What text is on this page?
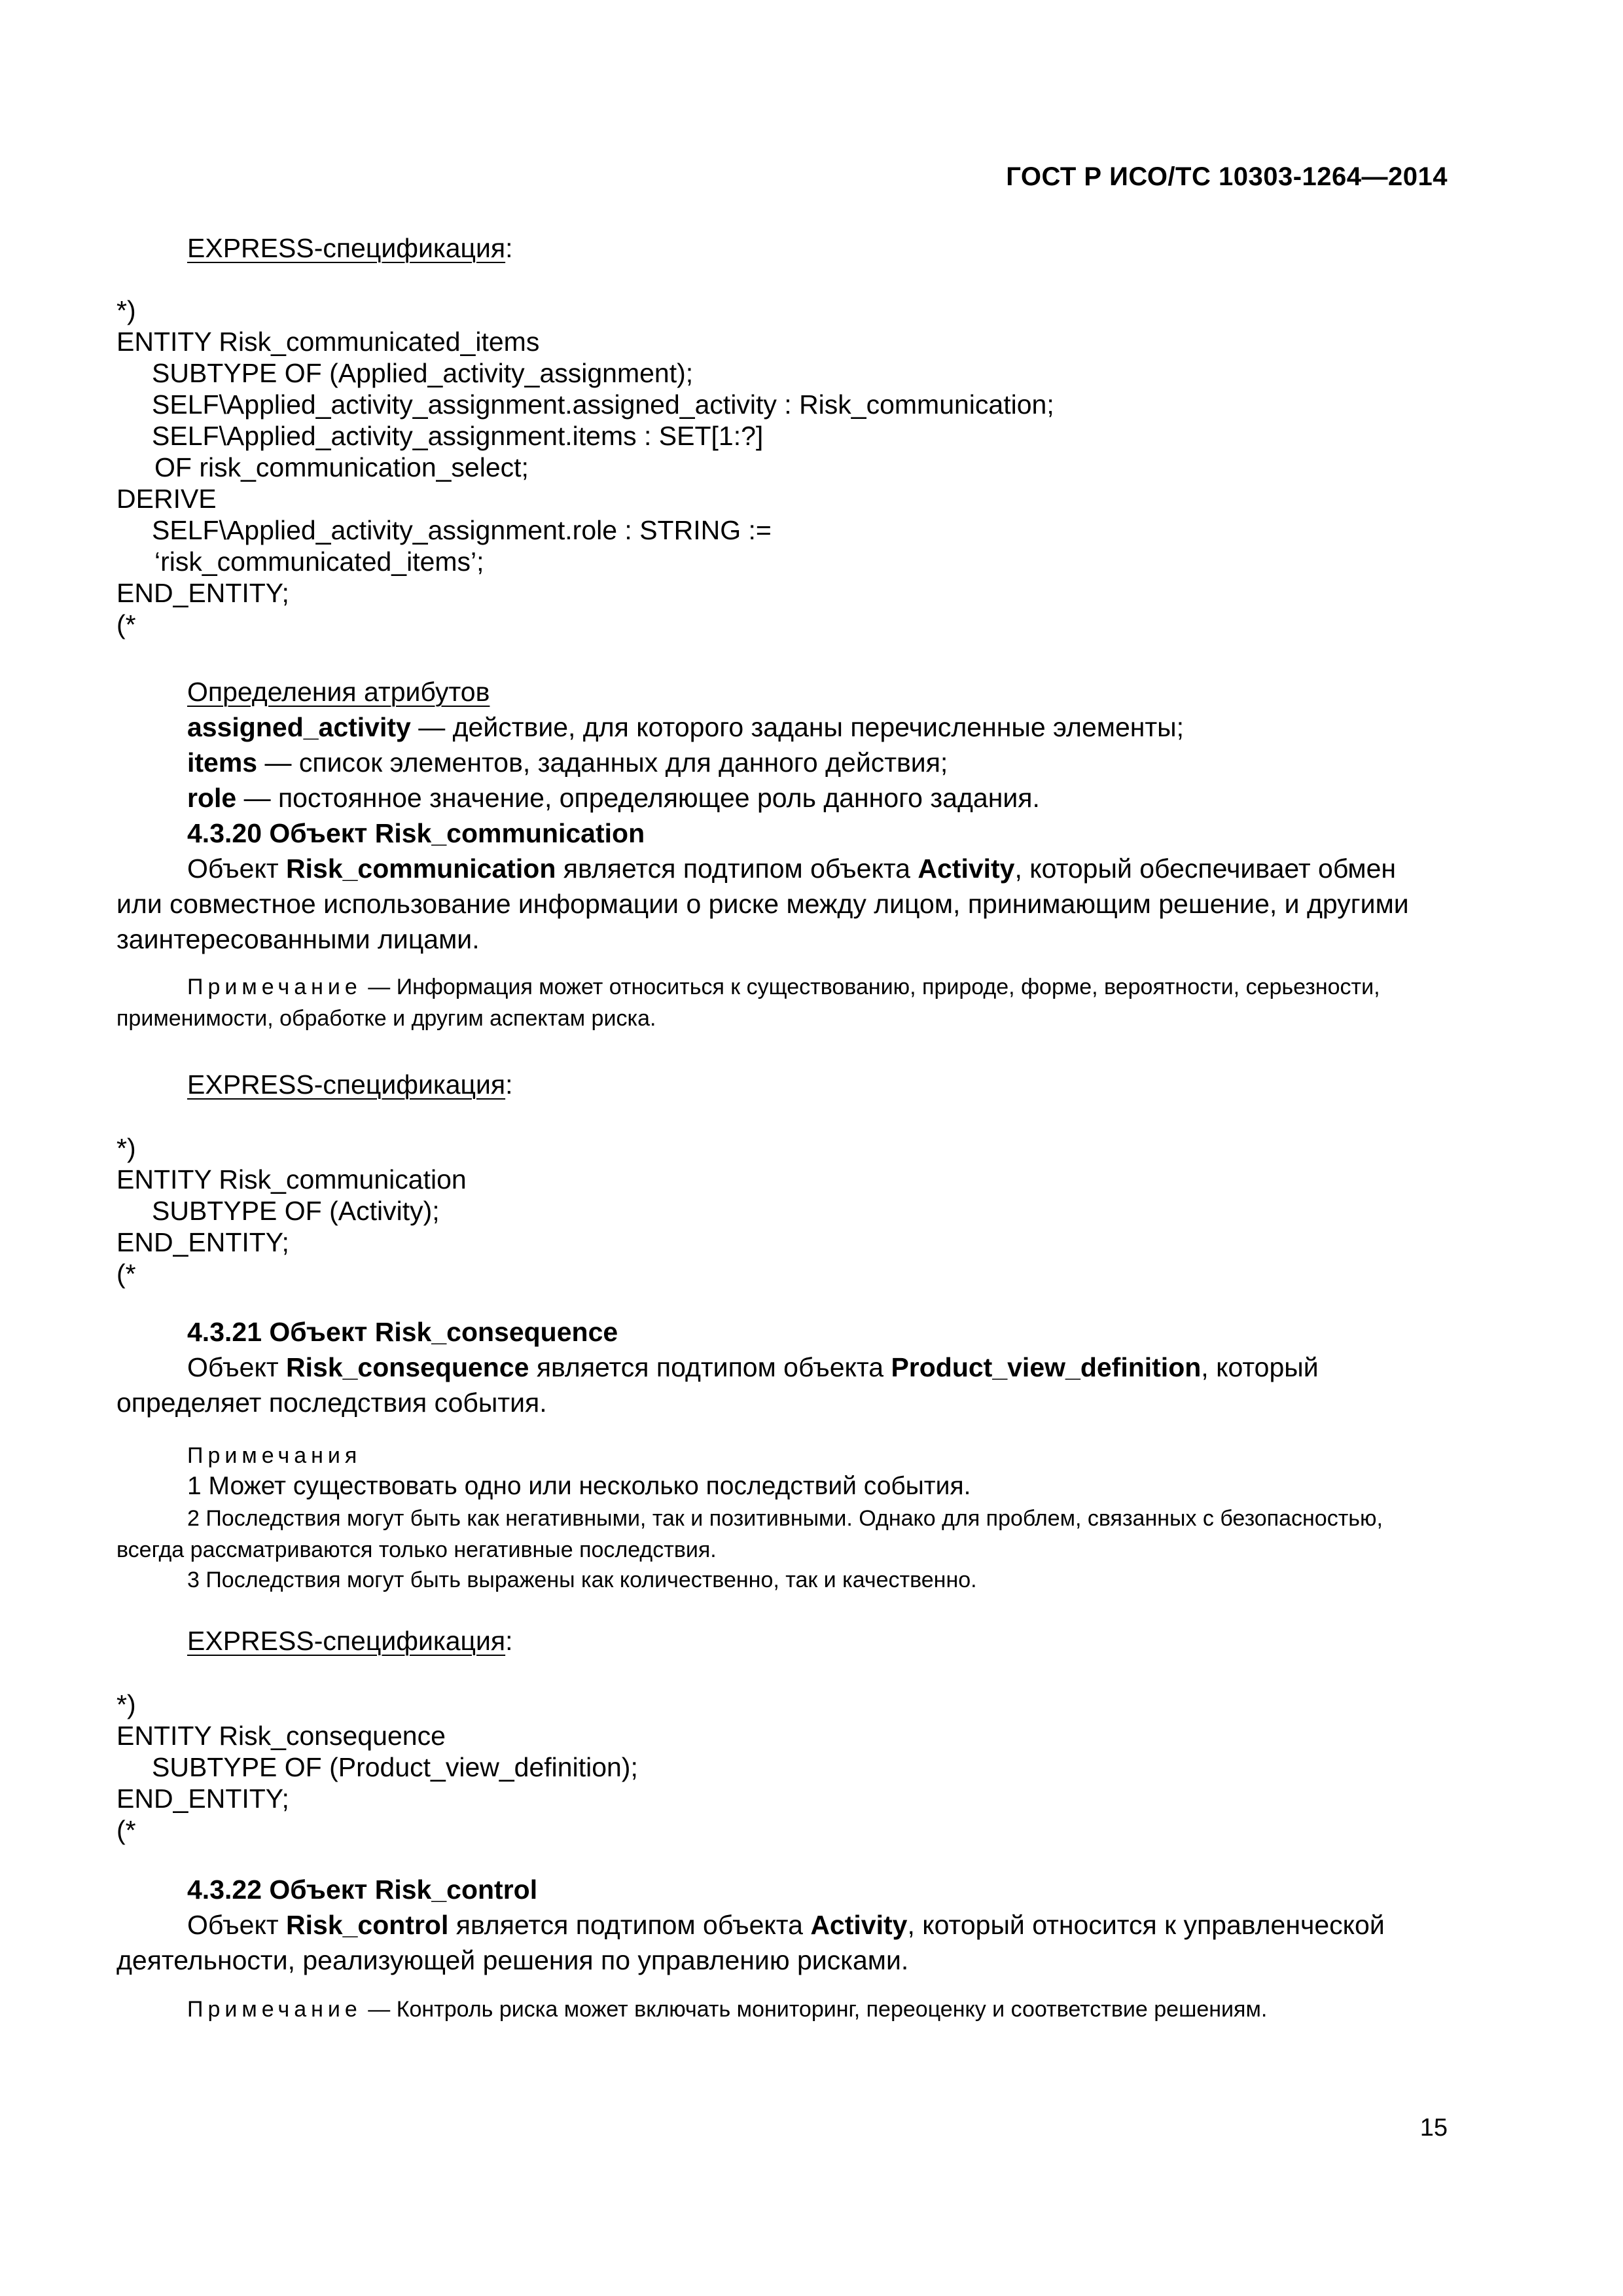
ГОСТ Р ИСО/ТС 10303-1264—2014
EXPRESS-спецификация:
*)
ENTITY Risk_communicated_items
SUBTYPE OF (Applied_activity_assignment);
SELF\Applied_activity_assignment.assigned_activity : Risk_communication;
SELF\Applied_activity_assignment.items : SET[1:?]
OF risk_communication_select;
DERIVE
SELF\Applied_activity_assignment.role : STRING :=
‘risk_communicated_items’;
END_ENTITY;
(*
Определения атрибутов
assigned_activity — действие, для которого заданы перечисленные элементы;
items — список элементов, заданных для данного действия;
role — постоянное значение, определяющее роль данного задания.
4.3.20 Объект Risk_communication
Объект Risk_communication является подтипом объекта Activity, который обеспечивает обмен или совместное использование информации о риске между лицом, принимающим решение, и другими заинтересованными лицами.
Примечание — Информация может относиться к существованию, природе, форме, вероятности, серьезности, применимости, обработке и другим аспектам риска.
EXPRESS-спецификация:
*)
ENTITY Risk_communication
SUBTYPE OF (Activity);
END_ENTITY;
(*
4.3.21 Объект Risk_consequence
Объект Risk_consequence является подтипом объекта Product_view_definition, который определяет последствия события.
Примечания
1 Может существовать одно или несколько последствий события.
2 Последствия могут быть как негативными, так и позитивными. Однако для проблем, связанных с безопасностью, всегда рассматриваются только негативные последствия.
3 Последствия могут быть выражены как количественно, так и качественно.
EXPRESS-спецификация:
*)
ENTITY Risk_consequence
SUBTYPE OF (Product_view_definition);
END_ENTITY;
(*
4.3.22 Объект Risk_control
Объект Risk_control является подтипом объекта Activity, который относится к управленческой деятельности, реализующей решения по управлению рисками.
Примечание — Контроль риска может включать мониторинг, переоценку и соответствие решениям.
15
